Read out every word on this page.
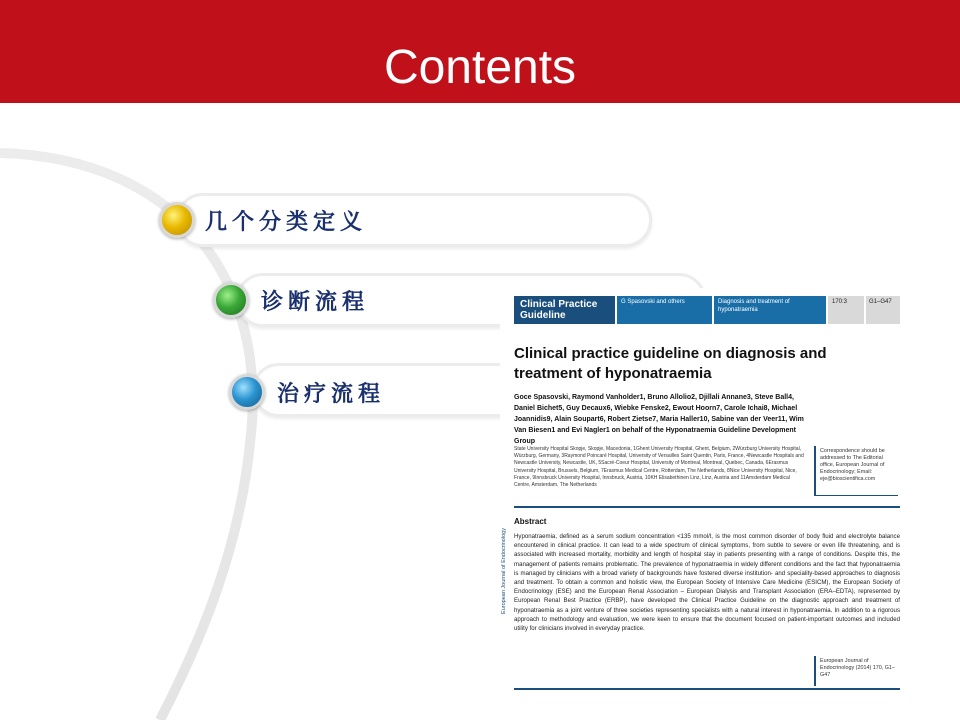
Contents
几个分类定义
诊断流程
治疗流程
Clinical Practice Guideline
G Spasovski and others	Diagnosis and treatment of hyponatraemia
170:3	G1–G47
Clinical practice guideline on diagnosis and treatment of hyponatraemia
Goce Spasovski, Raymond Vanholder1, Bruno Allolio2, Djillali Annane3, Steve Ball4, Daniel Bichet5, Guy Decaux6, Wiebke Fenske2, Ewout Hoorn7, Carole Ichai8, Michael Joannidis9, Alain Soupart6, Robert Zietse7, Maria Haller10, Sabine van der Veer11, Wim Van Biesen1 and Evi Nagler1 on behalf of the Hyponatraemia Guideline Development Group
State University Hospital Skopje, Skopje, Macedonia, 1Ghent University Hospital, Ghent, Belgium, 2Würzburg University Hospital, Würzburg, Germany, 3Raymond Poincaré Hospital, University of Versailles Saint Quentin, Paris, France, 4Newcastle Hospitals and Newcastle University, Newcastle, UK, 5Sacré-Coeur Hospital, University of Montreal, Montreal, Quebec, Canada, 6Erasmus University Hospital, Brussels, Belgium, 7Erasmus Medical Centre, Rotterdam, The Netherlands, 8Nice University Hospital, Nice, France, 9Innsbruck University Hospital, Innsbruck, Austria, 10KH Elisabethinen Linz, Linz, Austria and 11Amsterdam Medical Centre, Amsterdam, The Netherlands
Correspondence should be addressed to The Editorial office, European Journal of Endocrinology; Email: eje@bioscientifica.com
Abstract
European Journal of Endocrinology Hyponatraemia, defined as a serum sodium concentration <135 mmol/l, is the most common disorder of body fluid and electrolyte balance encountered in clinical practice. It can lead to a wide spectrum of clinical symptoms, from subtle to severe or even life threatening, and is associated with increased mortality, morbidity and length of hospital stay in patients presenting with a range of conditions. Despite this, the management of patients remains problematic. The prevalence of hyponatraemia in widely different conditions and the fact that hyponatraemia is managed by clinicians with a broad variety of backgrounds have fostered diverse institution- and speciality-based approaches to diagnosis and treatment. To obtain a common and holistic view, the European Society of Intensive Care Medicine (ESICM), the European Society of Endocrinology (ESE) and the European Renal Association – European Dialysis and Transplant Association (ERA–EDTA), represented by European Renal Best Practice (ERBP), have developed the Clinical Practice Guideline on the diagnostic approach and treatment of hyponatraemia as a joint venture of three societies representing specialists with a natural interest in hyponatraemia. In addition to a rigorous approach to methodology and evaluation, we were keen to ensure that the document focused on patient-important outcomes and included utility for clinicians involved in everyday practice.
European Journal of Endocrinology (2014) 170, G1–G47
